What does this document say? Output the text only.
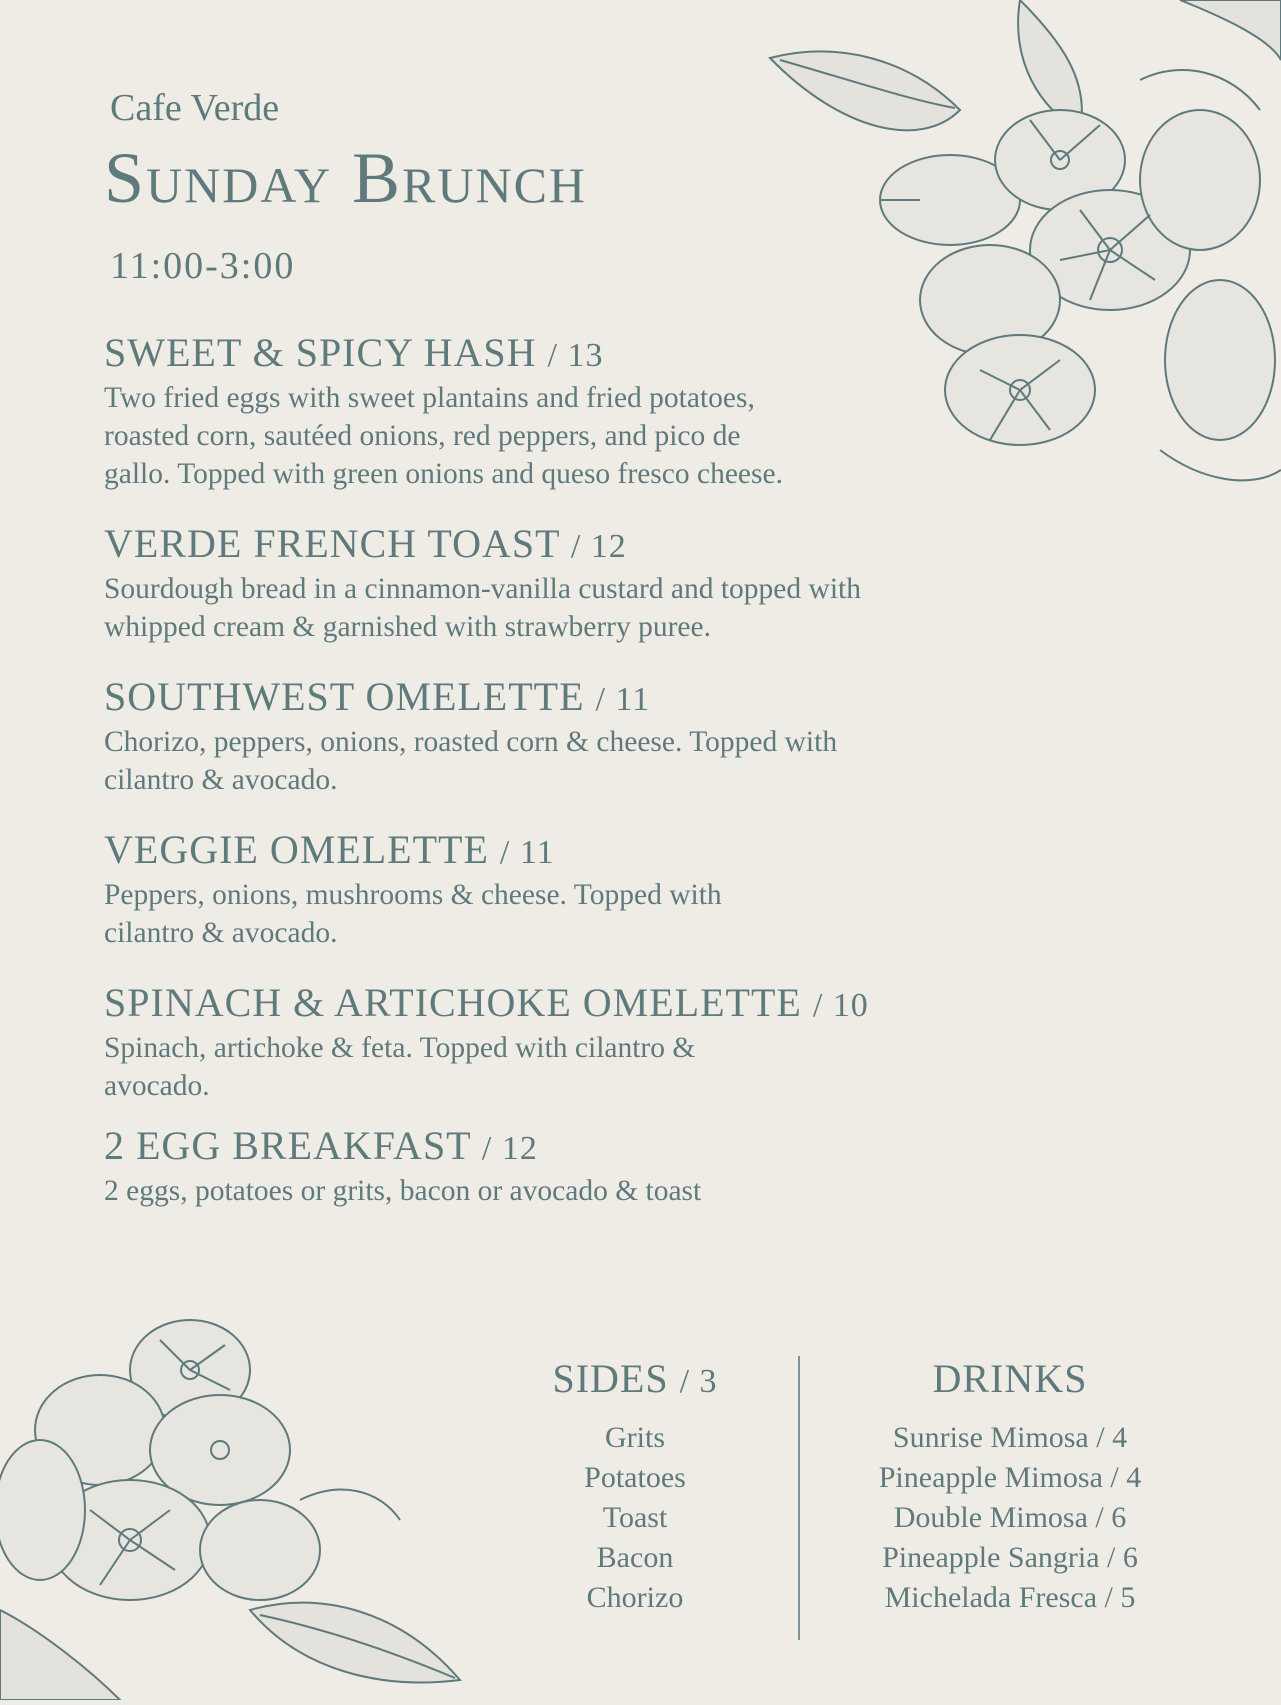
Cafe Verde
Sunday Brunch
11:00-3:00
SWEET & SPICY HASH / 13
Two fried eggs with sweet plantains and fried potatoes,
roasted corn, sautéed onions, red peppers, and pico de
gallo. Topped with green onions and queso fresco cheese.
VERDE FRENCH TOAST / 12
Sourdough bread in a cinnamon-vanilla custard and topped with
whipped cream & garnished with strawberry puree.
SOUTHWEST OMELETTE / 11
Chorizo, peppers, onions, roasted corn & cheese. Topped with
cilantro & avocado.
VEGGIE OMELETTE / 11
Peppers, onions, mushrooms & cheese. Topped with
cilantro & avocado.
SPINACH & ARTICHOKE OMELETTE / 10
Spinach, artichoke & feta. Topped with cilantro &
avocado.
2 EGG BREAKFAST / 12
2 eggs, potatoes or grits, bacon or avocado & toast
SIDES / 3
Grits
Potatoes
Toast
Bacon
Chorizo
DRINKS
Sunrise Mimosa / 4
Pineapple Mimosa / 4
Double Mimosa / 6
Pineapple Sangria / 6
Michelada Fresca / 5
